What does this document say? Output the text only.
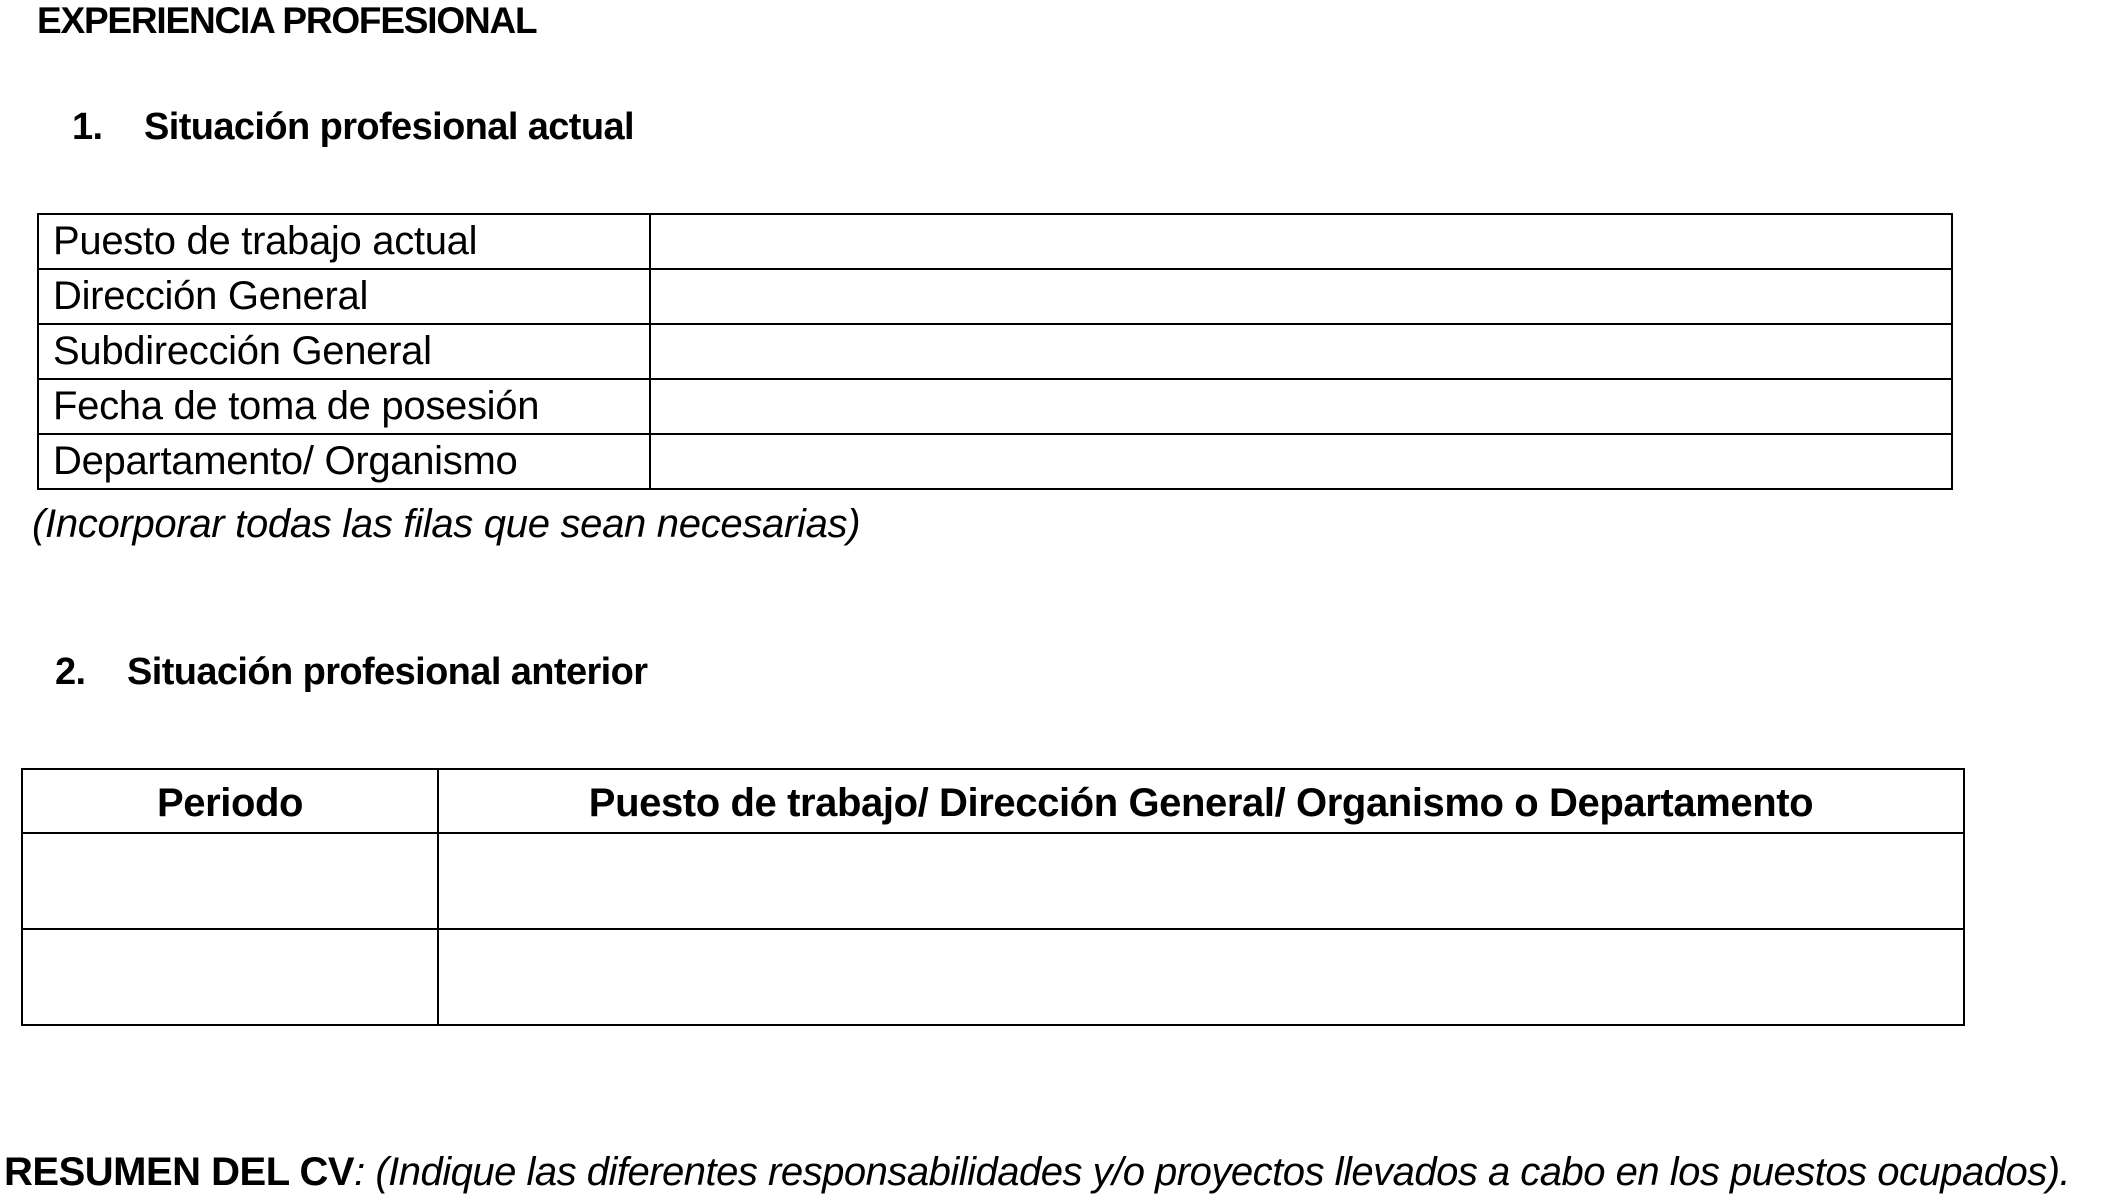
EXPERIENCIA PROFESIONAL
1. Situación profesional actual
Puesto de trabajo actual	
Dirección General	
Subdirección General	
Fecha de toma de posesión	
Departamento/ Organismo	
(Incorporar todas las filas que sean necesarias)
2. Situación profesional anterior
Periodo	Puesto de trabajo/ Dirección General/ Organismo o Departamento

RESUMEN DEL CV: (Indique las diferentes responsabilidades y/o proyectos llevados a cabo en los puestos ocupados).
